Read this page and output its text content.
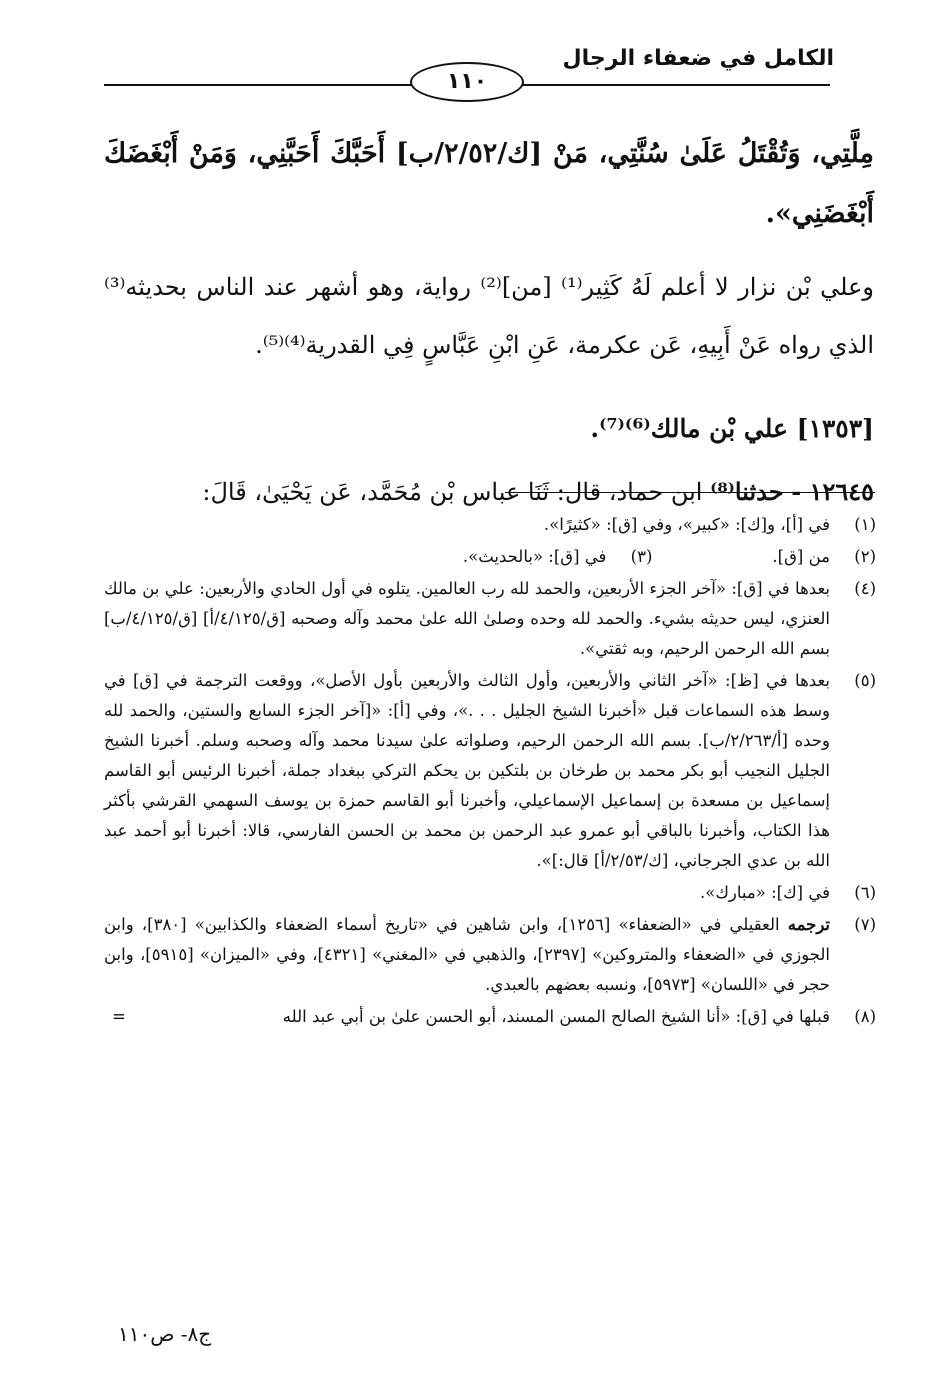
الكامل في ضعفاء الرجال
١١٠

مِلَّتِي، وَتُقْتَلُ عَلَىٰ سُنَّتِي، مَنْ [ك/٢/٥٢/ب] أَحَبَّكَ أَحَبَّنِي، وَمَنْ أَبْغَضَكَ أَبْغَضَنِي».

وعلي بْن نزار لا أعلم لَهُ كَثِير⁽¹⁾ [من]⁽²⁾ رواية، وهو أشهر عند الناس بحديثه⁽³⁾ الذي رواه عَنْ أَبِيهِ، عَن عكرمة، عَنِ ابْنِ عَبَّاسٍ فِي القدرية⁽⁴⁾⁽⁵⁾.

[١٣٥٣] علي بْن مالك⁽⁶⁾⁽⁷⁾.

١٢٦٤٥ - حدثنا⁽⁸⁾ ابن حماد، قال: ثَنَا عباس بْن مُحَمَّد، عَن يَحْيَىٰ، قَالَ:

(١)
في [أ]، و[ك]: «كبير»، وفي [ق]: «كثيرًا».
(٢)
من [ق].
(٣)
في [ق]: «بالحديث».
(٤)
بعدها في [ق]: «آخر الجزء الأربعين، والحمد لله رب العالمين. يتلوه في أول الحادي والأربعين: علي بن مالك العنزي، ليس حديثه بشيء. والحمد لله وحده وصلىٰ الله علىٰ محمد وآله وصحبه [ق/٤/١٢٥/أ] [ق/٤/١٢٥/ب] بسم الله الرحمن الرحيم، وبه ثقتي».
(٥)
بعدها في [ظ]: «آخر الثاني والأربعين، وأول الثالث والأربعين بأول الأصل»، ووقعت الترجمة في [ق] في وسط هذه السماعات قبل «أخبرنا الشيخ الجليل . . .»، وفي [أ]: «[آخر الجزء السابع والستين، والحمد لله وحده [أ/٢/٢٦٣/ب]. بسم الله الرحمن الرحيم، وصلواته علىٰ سيدنا محمد وآله وصحبه وسلم. أخبرنا الشيخ الجليل النجيب أبو بكر محمد بن طرخان بن بلتكين بن يحكم التركي ببغداد جملة، أخبرنا الرئيس أبو القاسم إسماعيل بن مسعدة بن إسماعيل الإسماعيلي، وأخبرنا أبو القاسم حمزة بن يوسف السهمي القرشي بأكثر هذا الكتاب، وأخبرنا بالباقي أبو عمرو عبد الرحمن بن محمد بن الحسن الفارسي، قالا: أخبرنا أبو أحمد عبد الله بن عدي الجرجاني، [ك/٢/٥٣/أ] قال:]».
(٦)
في [ك]: «مبارك».
(٧)
ترجمه العقيلي في «الضعفاء» [١٢٥٦]، وابن شاهين في «تاريخ أسماء الضعفاء والكذابين» [٣٨٠]، وابن الجوزي في «الضعفاء والمتروكين» [٢٣٩٧]، والذهبي في «المغني» [٤٣٢١]، وفي «الميزان» [٥٩١٥]، وابن حجر في «اللسان» [٥٩٧٣]، ونسبه بعضهم بالعبدي.
(٨)
قبلها في [ق]: «أنا الشيخ الصالح المسن المسند، أبو الحسن علىٰ بن أبي عبد الله
=
ج٨- ص١١٠
